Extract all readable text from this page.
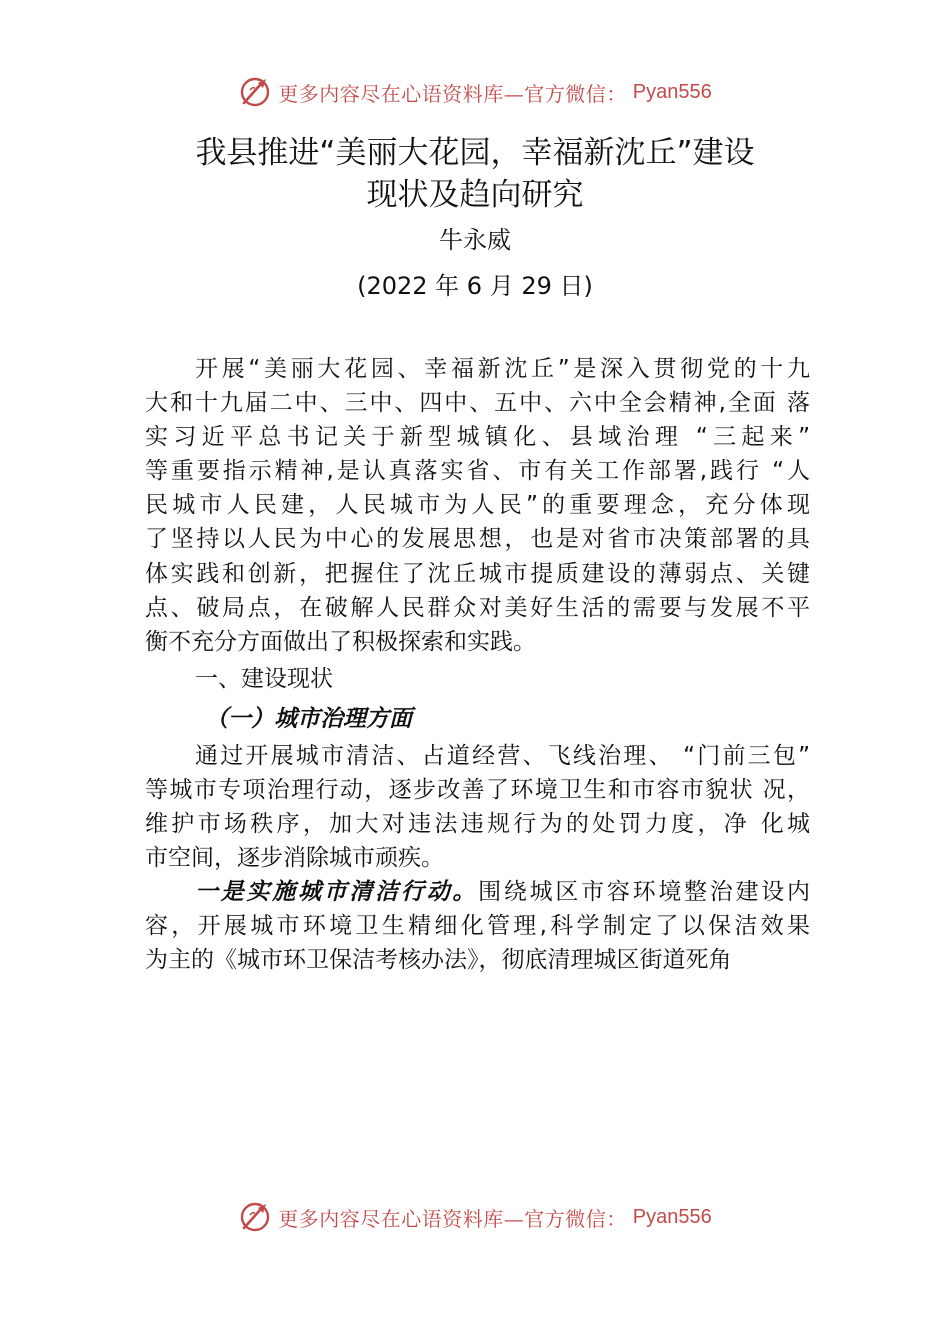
更多内容尽在心语资料库—官方微信： Pyan556
我县推进“美丽大花园，幸福新沈丘”建设
现状及趋向研究
牛永威
(2022 年 6 月 29 日)
开展“美丽大花园、幸福新沈丘”是深入贯彻党的十九
大和十九届二中、三中、四中、五中、六中全会精神,全面 落
实习近平总书记关于新型城镇化、县域治理 “三起来”
等重要指示精神,是认真落实省、市有关工作部署,践行 “人
民城市人民建，人民城市为人民”的重要理念，充分体现
了坚持以人民为中心的发展思想，也是对省市决策部署的具
体实践和创新，把握住了沈丘城市提质建设的薄弱点、关键
点、破局点，在破解人民群众对美好生活的需要与发展不平
衡不充分方面做出了积极探索和实践。
一、建设现状
（一）城市治理方面
通过开展城市清洁、占道经营、飞线治理、 “门前三包”
等城市专项治理行动，逐步改善了环境卫生和市容市貌状 况，
维护市场秩序，加大对违法违规行为的处罚力度，净 化城
市空间，逐步消除城市顽疾。
一是实施城市清洁行动。围绕城区市容环境整治建设内
容，开展城市环境卫生精细化管理,科学制定了以保洁效果
为主的《城市环卫保洁考核办法》，彻底清理城区街道死角
更多内容尽在心语资料库—官方微信： Pyan556
